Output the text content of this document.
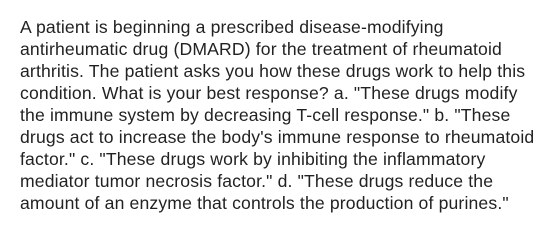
A patient is beginning a prescribed disease-modifying
antirheumatic drug (DMARD) for the treatment of rheumatoid
arthritis. The patient asks you how these drugs work to help this
condition. What is your best response? a. "These drugs modify
the immune system by decreasing T-cell response." b. "These
drugs act to increase the body's immune response to rheumatoid
factor." c. "These drugs work by inhibiting the inflammatory
mediator tumor necrosis factor." d. "These drugs reduce the
amount of an enzyme that controls the production of purines."
